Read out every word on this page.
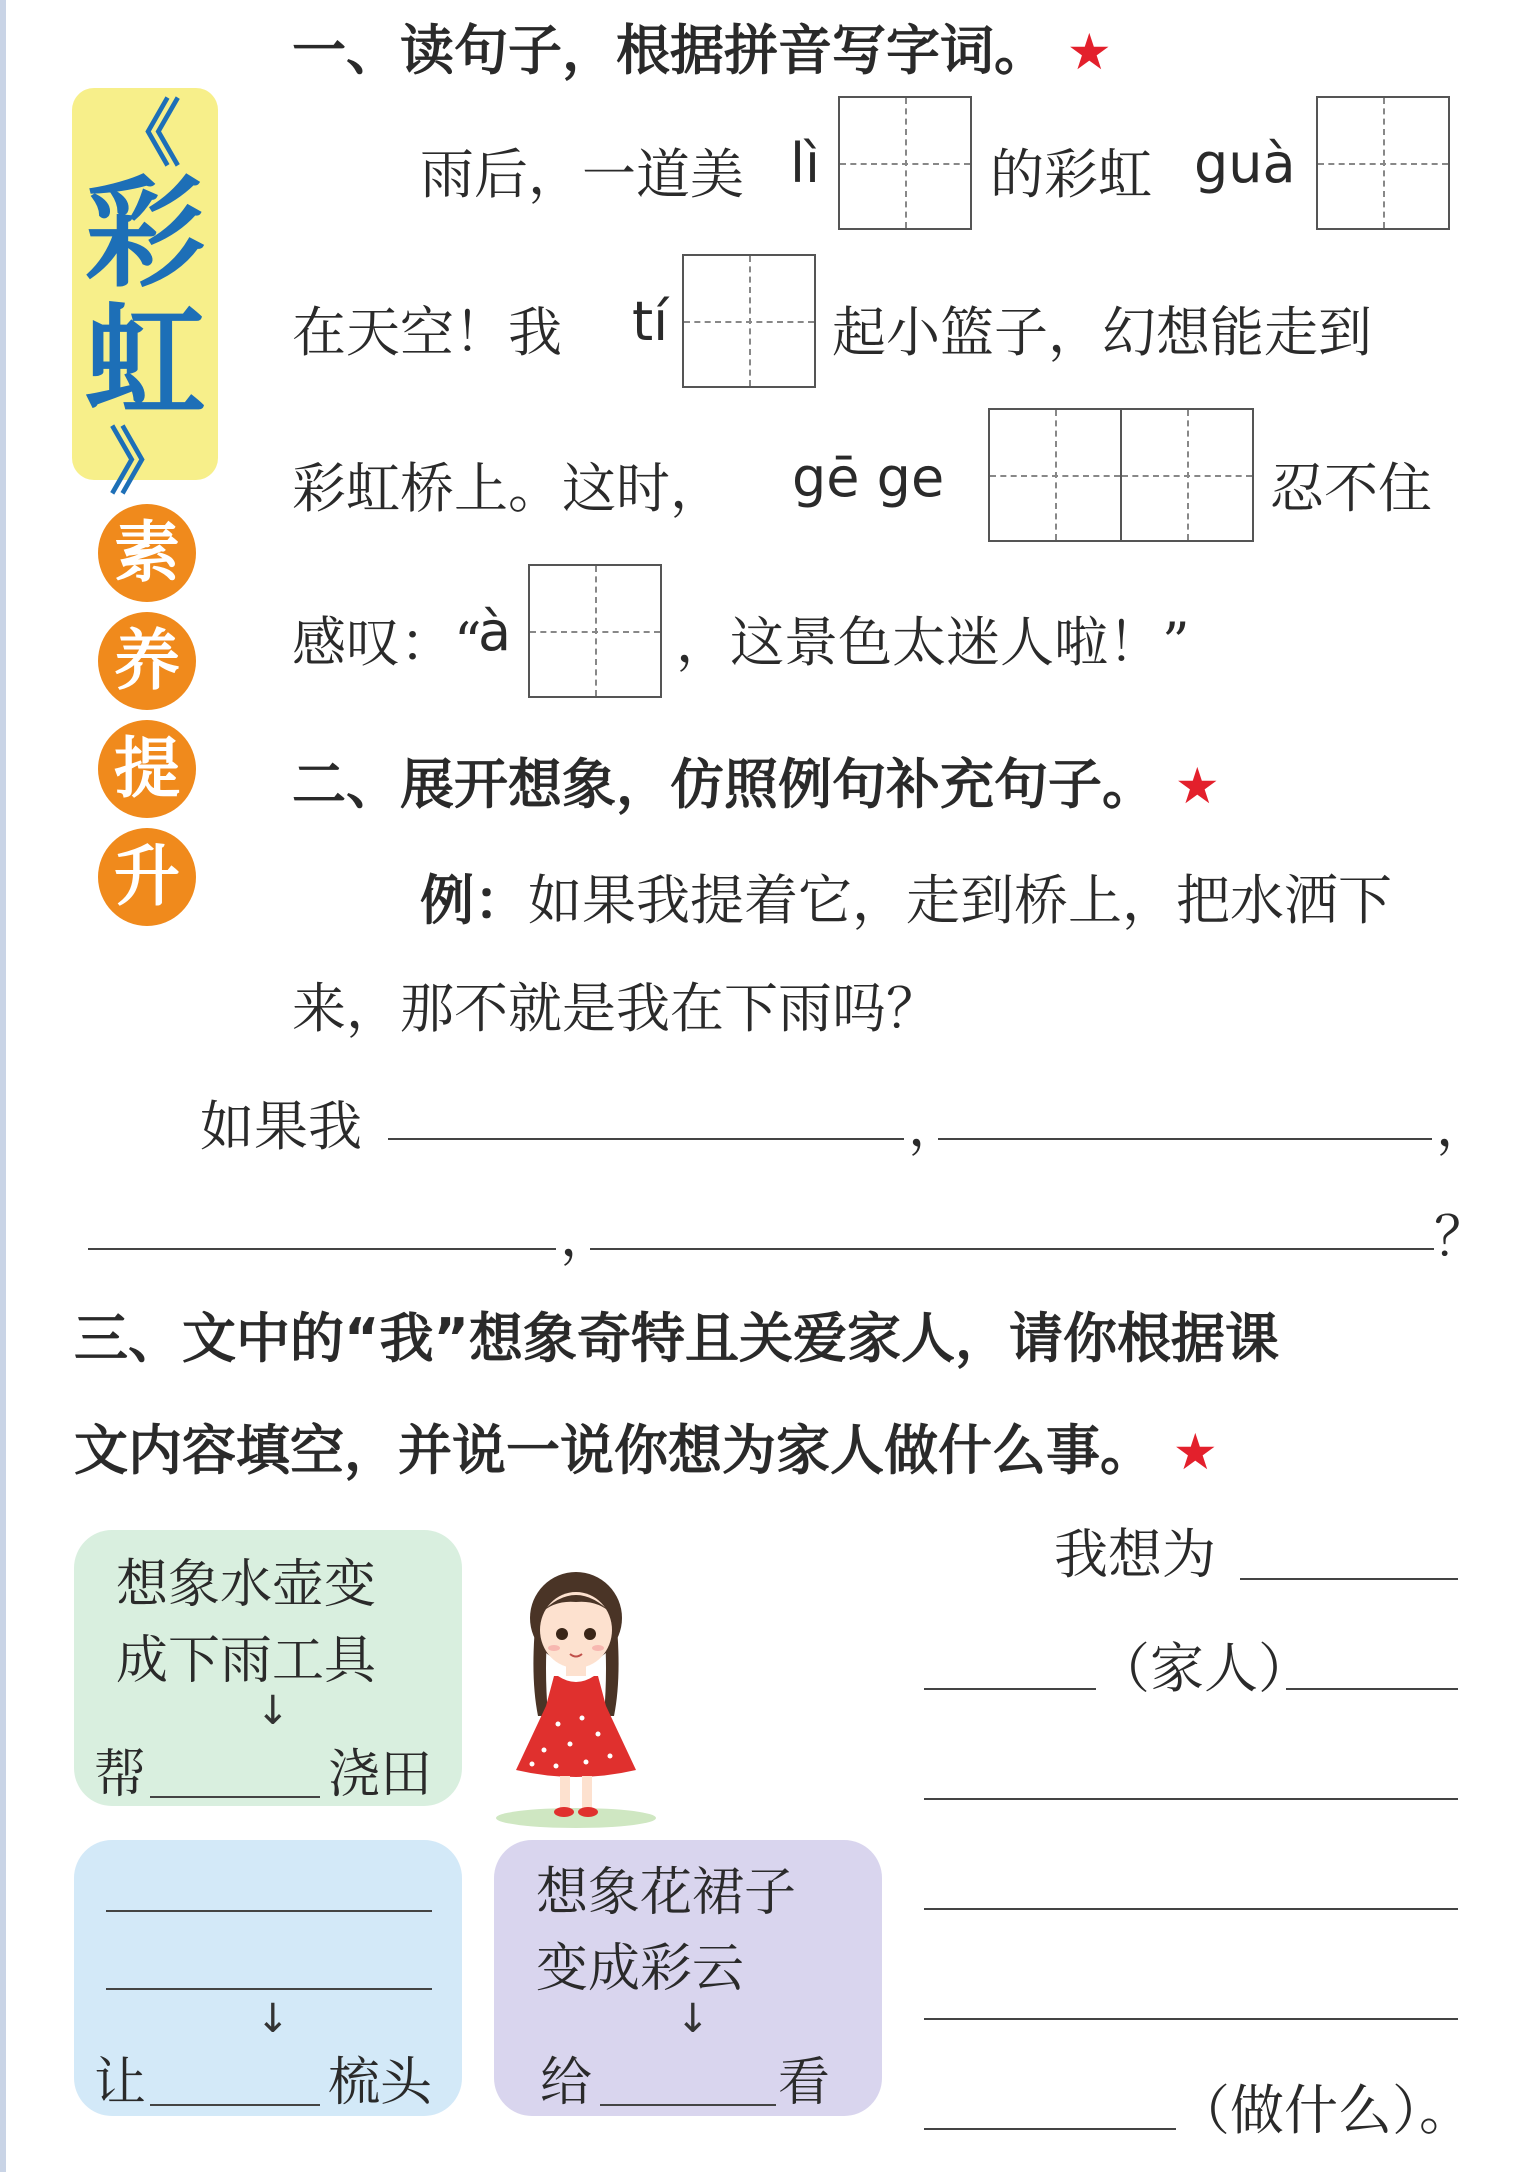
《
彩
虹
》
素
养
提
升
一、读句子，根据拼音写字词。 ★
雨后，一道美 lì	的彩虹 guà
在天空！我 tí	起小篮子，幻想能走到
彩虹桥上。这时， gē ge	忍不住
感叹：“
à	，这景色太迷人啦！”
二、展开想象，仿照例句补充句子。 ★
例：如果我提着它，走到桥上，把水洒下
来，那不就是我在下雨吗？
如果我	，	，
，	？
三、文中的“我”想象奇特且关爱家人，请你根据课
文内容填空，并说一说你想为家人做什么事。 ★
想象水壶变
成下雨工具
↓
帮	浇田
↓
让	梳头
想象花裙子
变成彩云
↓
给	看
我想为
（家人）
（做什么）。
